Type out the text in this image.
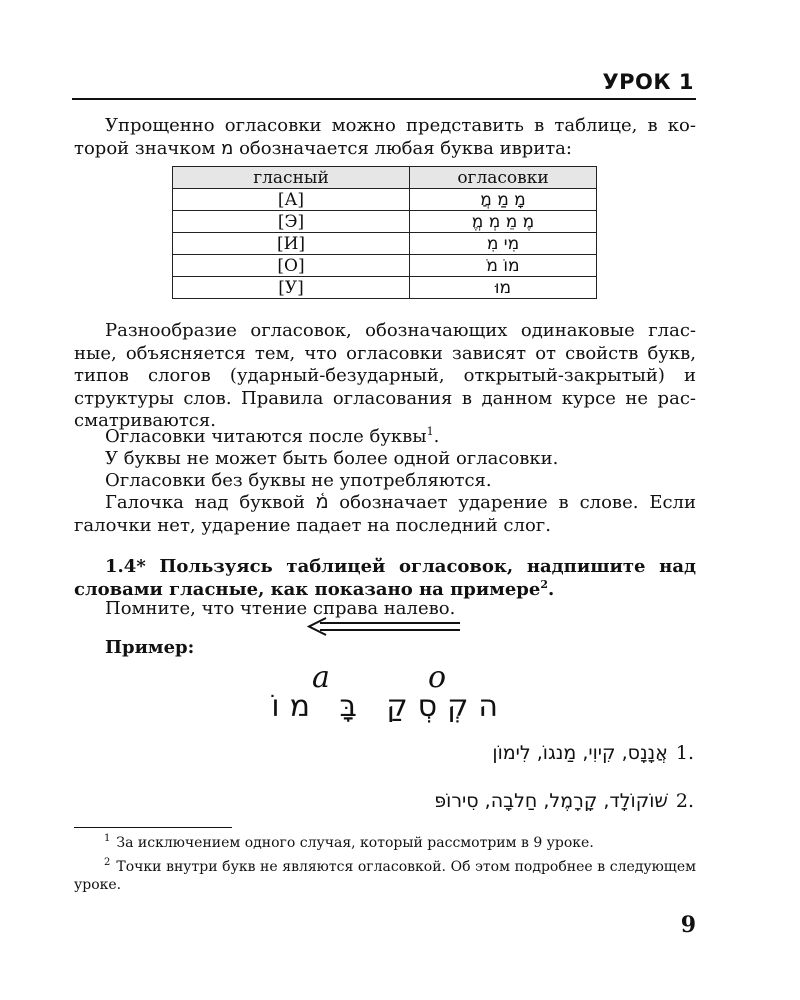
УРОК 1

Упрощенно огласовки можно представить в таблице, в которой значком מ обозначается любая буква иврита:

гласный	огласовки
[А]	מָ מַ מֲ
[Э]	מֶ מֵ מְ מֱ
[И]	מִי מִ
[О]	מוֹ מֹ
[У]	מוּ

Разнообразие огласовок, обозначающих одинаковые гласные, объясняется тем, что огласовки зависят от свойств букв, типов слогов (ударный-безударный, открытый-закрытый) и структуры слов. Правила огласования в данном курсе не рассматриваются.

Огласовки читаются после буквы$^1$.

У буквы не может быть более одной огласовки.

Огласовки без буквы не употребляются.

Галочка над буквой מ֫ обозначает ударение в слове. Если галочки нет, ударение падает на последний слог.

1.4* Пользуясь таблицей огласовок, надпишите над словами гласные, как показано на примере$^2$.

Помните, что чтение справа налево.

Пример:

a	o

הקְסְקַ בָּ מוֹ

אֲנָנָס, קִיוִי, מַנגוֹ, לִימוֹן 1.

שׁוֹקוֹלָד, קָרָמֶל, חַלבָה, סִירוֹפּ 2.

$^1$ За исключением одного случая, который рассмотрим в 9 уроке.

$^2$ Точки внутри букв не являются огласовкой. Об этом подробнее в следующем уроке.

9
